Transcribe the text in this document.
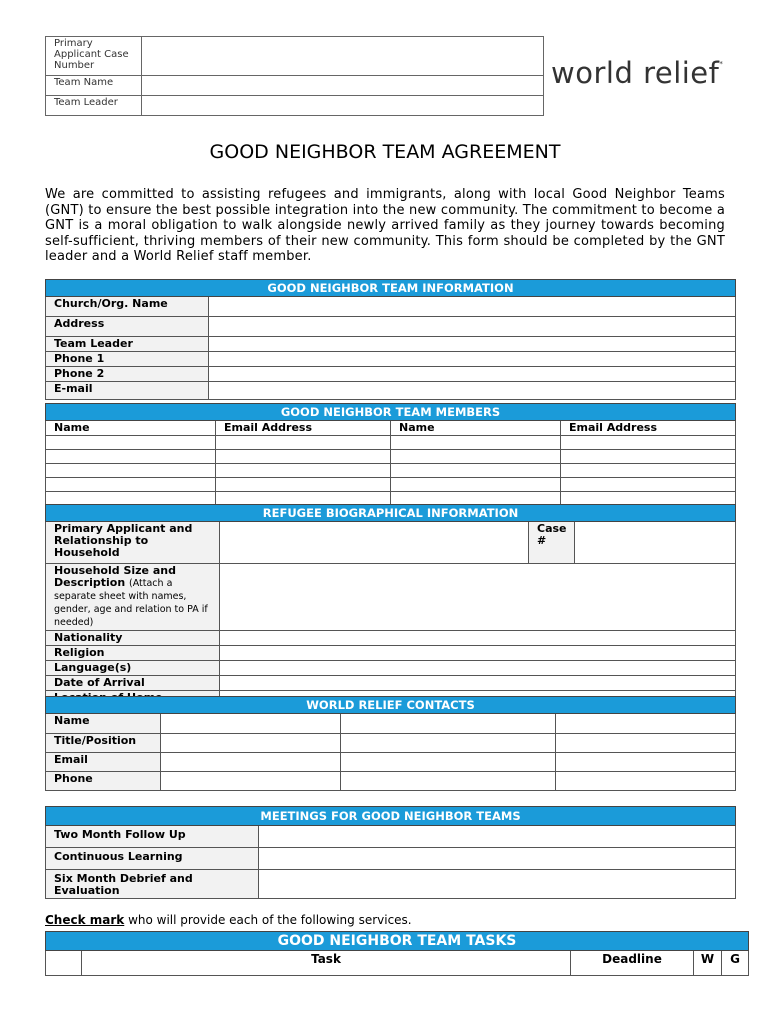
Primary Applicant Case Number	
Team Name	
Team Leader	
world relief*
GOOD NEIGHBOR TEAM AGREEMENT
We are committed to assisting refugees and immigrants, along with local Good Neighbor Teams (GNT) to ensure the best possible integration into the new community. The commitment to become a GNT is a moral obligation to walk alongside newly arrived family as they journey towards becoming self-sufficient, thriving members of their new community. This form should be completed by the GNT leader and a World Relief staff member.
GOOD NEIGHBOR TEAM INFORMATION	
Church/Org. Name	
Address	
Team Leader	
Phone 1	
Phone 2	
E-mail	
GOOD NEIGHBOR TEAM MEMBERS			
Name	Email Address	Name	Email Address

REFUGEE BIOGRAPHICAL INFORMATION			
Primary Applicant and Relationship to Household		Case #	
Household Size and Description (Attach a separate sheet with names, gender, age and relation to PA if needed)			
Nationality			
Religion			
Language(s)			
Date of Arrival			

WORLD RELIEF CONTACTS			
Name			
Title/Position			
Email			
Phone			
MEETINGS FOR GOOD NEIGHBOR TEAMS	
Two Month Follow Up	
Continuous Learning	
Six Month Debrief and Evaluation	
Check mark who will provide each of the following services.
GOOD NEIGHBOR TEAM TASKS
	Task	Deadline	W	G
